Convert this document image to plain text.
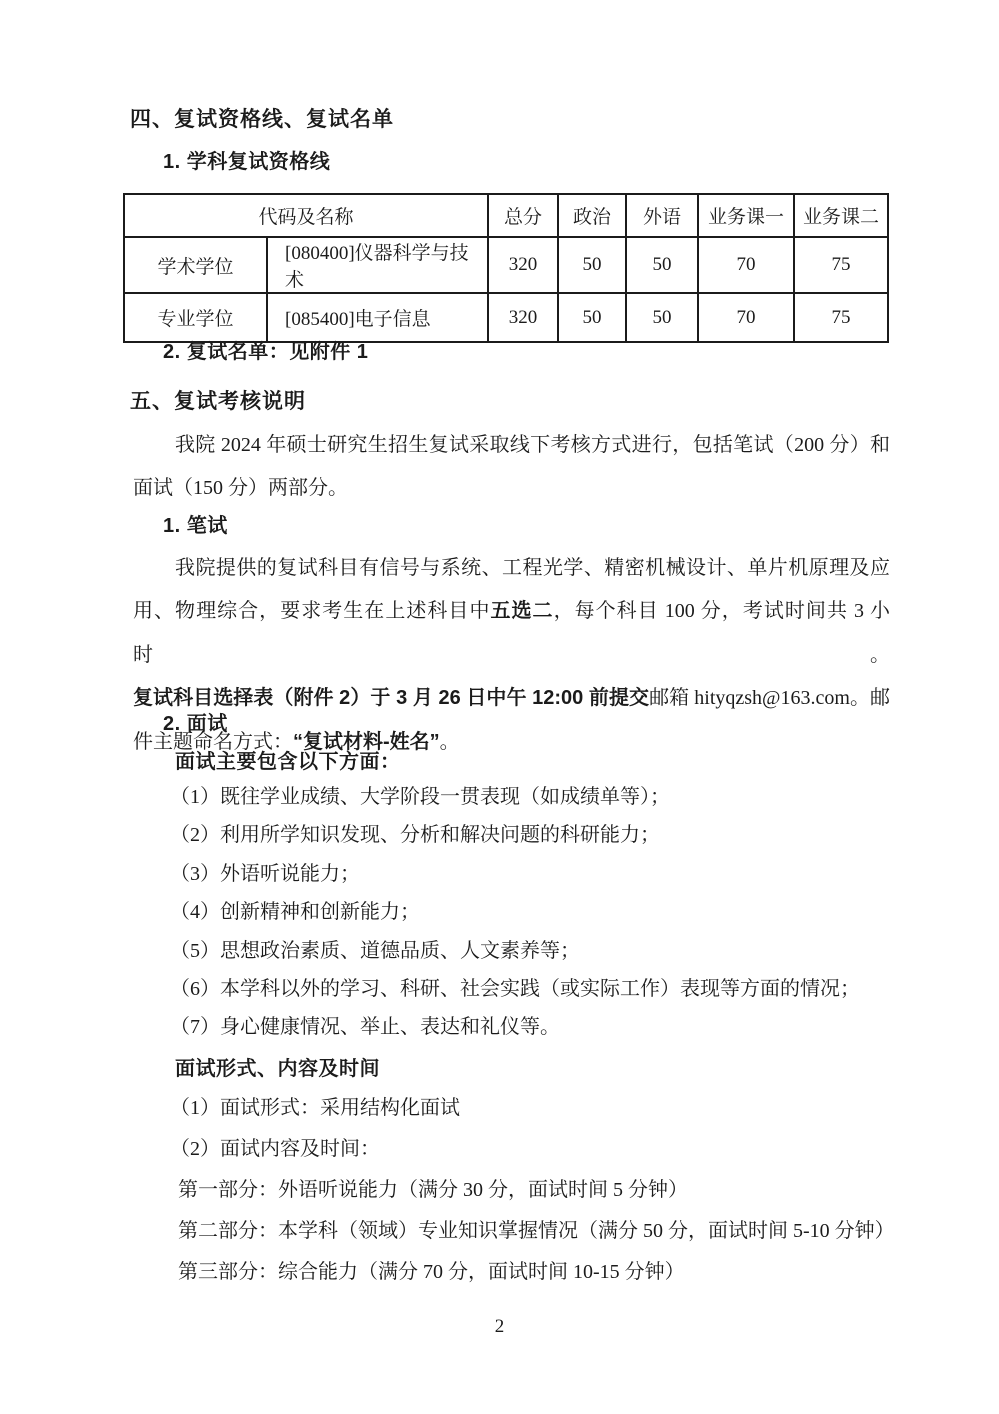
四、复试资格线、复试名单
1. 学科复试资格线
代码及名称		总分	政治	外语	业务课一	业务课二
学术学位	[080400]仪器科学与技术	320	50	50	70	75
专业学位	[085400]电子信息	320	50	50	70	75
2. 复试名单：见附件 1
五、复试考核说明
我院 2024 年硕士研究生招生复试采取线下考核方式进行，包括笔试（200 分）和
面试（150 分）两部分。
1. 笔试
我院提供的复试科目有信号与系统、工程光学、精密机械设计、单片机原理及应
用、物理综合，要求考生在上述科目中五选二，每个科目 100 分，考试时间共 3 小时。
复试科目选择表（附件 2）于 3 月 26 日中午 12:00 前提交邮箱 hityqzsh@163.com。邮
件主题命名方式：“复试材料-姓名”。
2. 面试
面试主要包含以下方面：
（1）既往学业成绩、大学阶段一贯表现（如成绩单等）；
（2）利用所学知识发现、分析和解决问题的科研能力；
（3）外语听说能力；
（4）创新精神和创新能力；
（5）思想政治素质、道德品质、人文素养等；
（6）本学科以外的学习、科研、社会实践（或实际工作）表现等方面的情况；
（7）身心健康情况、举止、表达和礼仪等。
面试形式、内容及时间
（1）面试形式：采用结构化面试
（2）面试内容及时间：
第一部分：外语听说能力（满分 30 分，面试时间 5 分钟）
第二部分：本学科（领域）专业知识掌握情况（满分 50 分，面试时间 5-10 分钟）
第三部分：综合能力（满分 70 分，面试时间 10-15 分钟）
2
